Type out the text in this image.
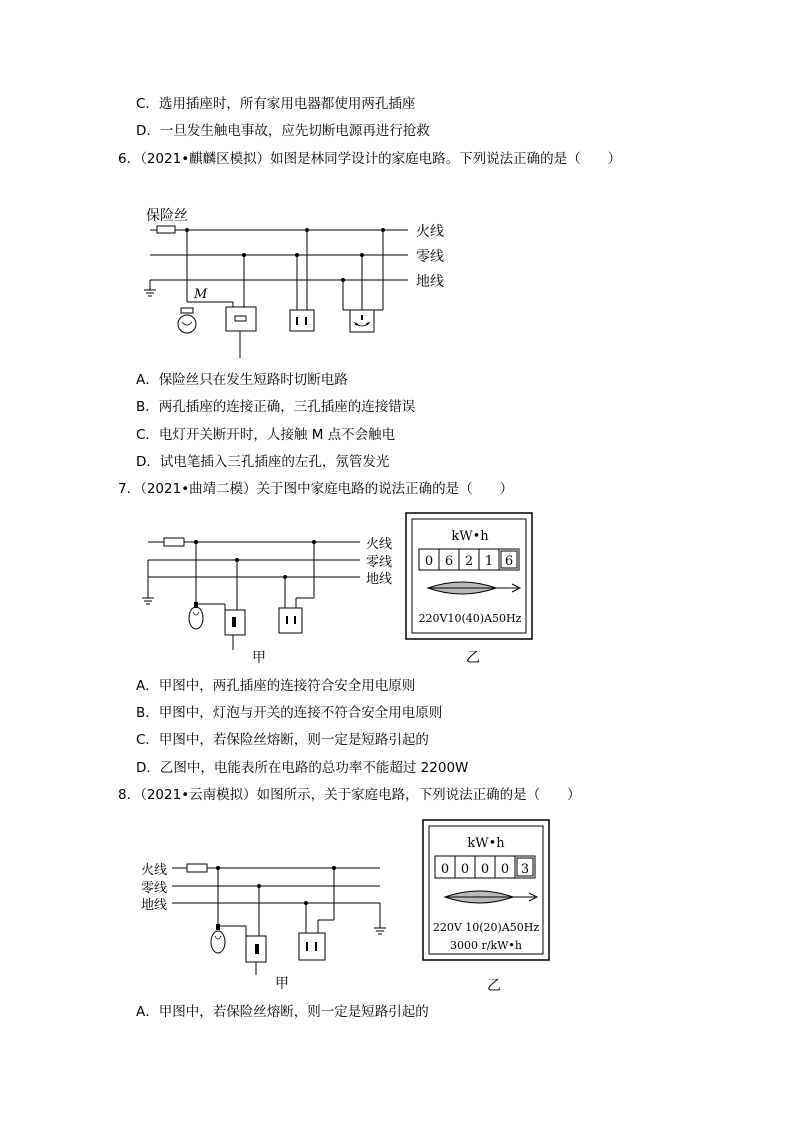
C．选用插座时，所有家用电器都使用两孔插座
D．一旦发生触电事故，应先切断电源再进行抢救
6．（2021•麒麟区模拟）如图是林同学设计的家庭电路。下列说法正确的是（　　）
保险丝
火线
零线
地线
M
A．保险丝只在发生短路时切断电路
B．两孔插座的连接正确，三孔插座的连接错误
C．电灯开关断开时，人接触 M 点不会触电
D．试电笔插入三孔插座的左孔，氖管发光
7．（2021•曲靖二模）关于图中家庭电路的说法正确的是（　　）
火线
零线
地线
甲	乙
kW•h
0 6 2 1 6
220V10(40)A50Hz
A．甲图中，两孔插座的连接符合安全用电原则
B．甲图中，灯泡与开关的连接不符合安全用电原则
C．甲图中，若保险丝熔断，则一定是短路引起的
D．乙图中，电能表所在电路的总功率不能超过 2200W
8．（2021•云南模拟）如图所示，关于家庭电路，下列说法正确的是（　　）
火线
零线
地线
甲	乙
kW•h
0 0 0 0 3
220V 10(20)A50Hz
3000 r/kW•h
A．甲图中，若保险丝熔断，则一定是短路引起的
